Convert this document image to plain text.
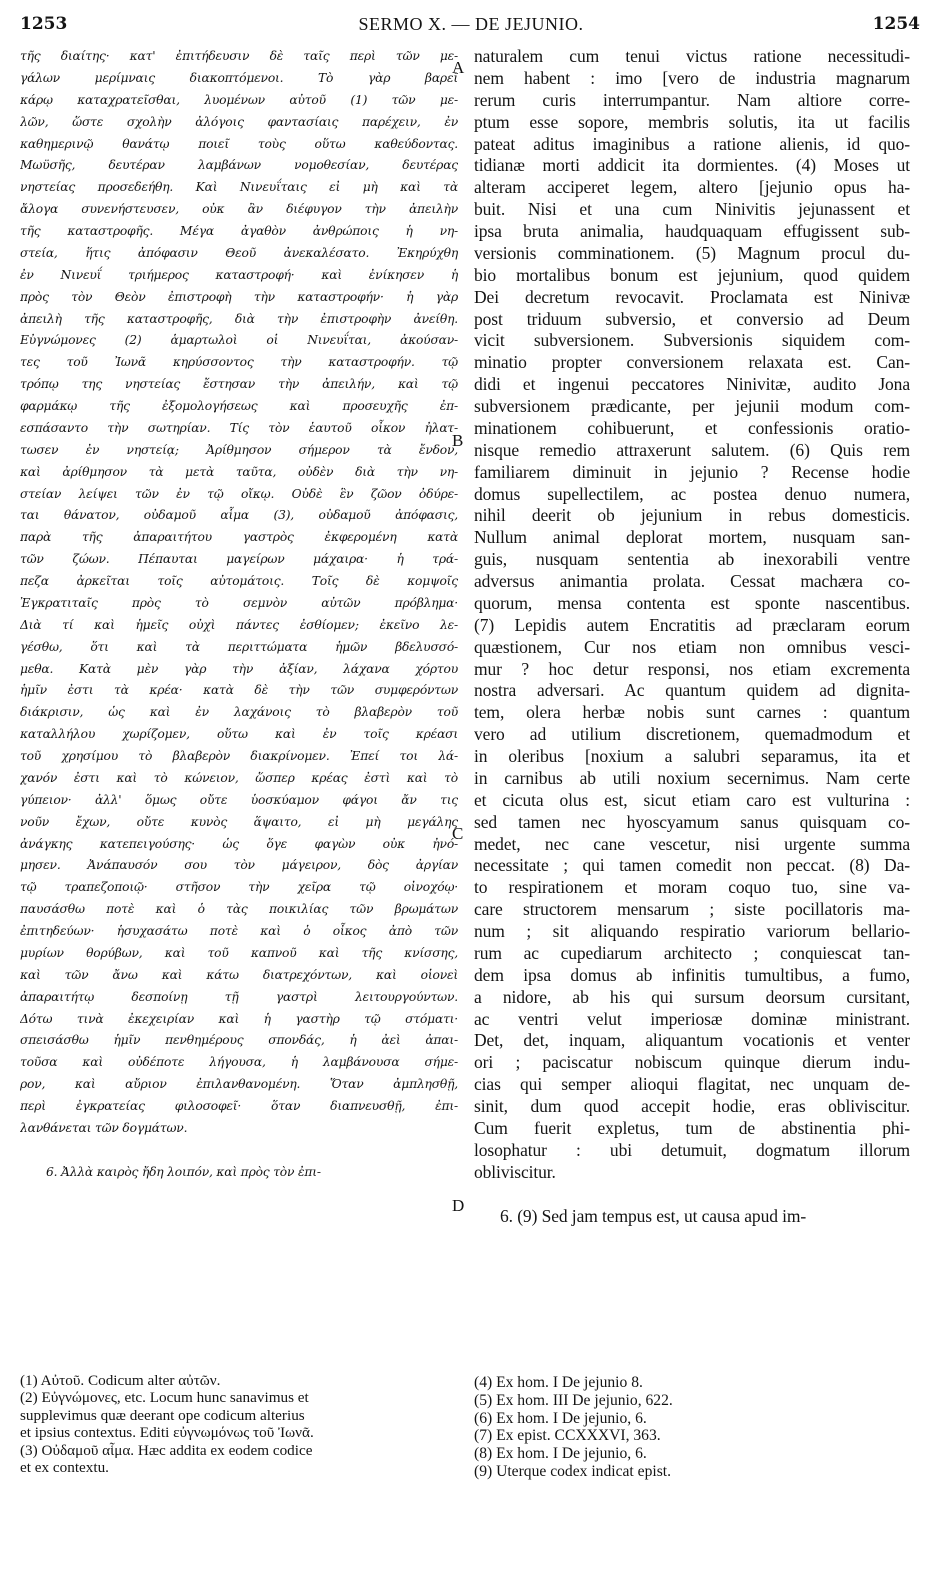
1253	SERMO X. — DE JEJUNIO.	1254
A
B
C
D
τῆς διαίτης· κατ' ἐπιτήδευσιν δὲ ταῖς περὶ τῶν με-
γάλων μερίμναις διακοπτόμενοι. Τὸ γὰρ βαρεῖ
κάρῳ καταχρατεῖσθαι, λυομένων αὐτοῦ (1) τῶν με-
λῶν, ὥστε σχολὴν ἀλόγοις φαντασίαις παρέχειν, ἐν
καθημερινῷ θανάτῳ ποιεῖ τοὺς οὕτω καθεύδοντας.
Μωϋσῆς, δευτέραν λαμβάνων νομοθεσίαν, δευτέρας
νηστείας προσεδεήθη. Καὶ Νινευΐταις εἰ μὴ καὶ τὰ
ἄλογα συνενήστευσεν, οὐκ ἂν διέφυγον τὴν ἀπειλὴν
τῆς καταστροφῆς. Μέγα ἀγαθὸν ἀνθρώποις ἡ νη-
στεία, ἥτις ἀπόφασιν Θεοῦ ἀνεκαλέσατο. Ἐκηρύχθη
ἐν Νινευΐ τριήμερος καταστροφή· καὶ ἐνίκησεν ἡ
πρὸς τὸν Θεὸν ἐπιστροφὴ τὴν καταστροφήν· ἡ γὰρ
ἀπειλὴ τῆς καταστροφῆς, διὰ τὴν ἐπιστροφὴν ἀνείθη.
Εὐγνώμονες (2) ἁμαρτωλοὶ οἱ Νινευΐται, ἀκούσαν-
τες τοῦ Ἰωνᾶ κηρύσσοντος τὴν καταστροφήν. τῷ
τρόπῳ της νηστείας ἔστησαν τὴν ἀπειλήν, καὶ τῷ
φαρμάκῳ τῆς ἐξομολογήσεως καὶ προσευχῆς ἐπ-
εσπάσαντο τὴν σωτηρίαν. Τίς τὸν ἑαυτοῦ οἶκον ἠλατ-
τωσεν ἐν νηστείᾳ; Ἀρίθμησον σήμερον τὰ ἔνδον,
καὶ ἀρίθμησον τὰ μετὰ ταῦτα, οὐδὲν διὰ τὴν νη-
στείαν λείψει τῶν ἐν τῷ οἴκῳ. Οὐδὲ ἓν ζῶον ὀδύρε-
ται θάνατον, οὐδαμοῦ αἷμα (3), οὐδαμοῦ ἀπόφασις,
παρὰ τῆς ἀπαραιτήτου γαστρὸς ἐκφερομένη κατὰ
τῶν ζώων. Πέπαυται μαγείρων μάχαιρα· ἡ τρά-
πεζα ἀρκεῖται τοῖς αὐτομάτοις. Τοῖς δὲ κομψοῖς
Ἐγκρατιταῖς πρὸς τὸ σεμνὸν αὐτῶν πρόβλημα·
Διὰ τί καὶ ἡμεῖς οὐχὶ πάντες ἐσθίομεν; ἐκεῖνο λε-
γέσθω, ὅτι καὶ τὰ περιττώματα ἡμῶν βδελυσσό-
μεθα. Κατὰ μὲν γὰρ τὴν ἀξίαν, λάχανα χόρτου
ἡμῖν ἐστι τὰ κρέα· κατὰ δὲ τὴν τῶν συμφερόντων
διάκρισιν, ὡς καὶ ἐν λαχάνοις τὸ βλαβερὸν τοῦ
καταλλήλου χωρίζομεν, οὕτω καὶ ἐν τοῖς κρέασι
τοῦ χρησίμου τὸ βλαβερὸν διακρίνομεν. Ἐπεί τοι λά-
χανόν ἐστι καὶ τὸ κώνειον, ὥσπερ κρέας ἐστὶ καὶ τὸ
γύπειον· ἀλλ' ὅμως οὔτε ὑοσκύαμον φάγοι ἄν τις
νοῦν ἔχων, οὔτε κυνὸς ἅψαιτο, εἰ μὴ μεγάλης
ἀνάγκης κατεπειγούσης· ὡς ὅγε φαγὼν οὐκ ἠνό-
μησεν. Ἀνάπαυσόν σου τὸν μάγειρον, δὸς ἀργίαν
τῷ τραπεζοποιῷ· στῆσον τὴν χεῖρα τῷ οἰνοχόῳ·
παυσάσθω ποτὲ καὶ ὁ τὰς ποικιλίας τῶν βρωμάτων
ἐπιτηδεύων· ἡσυχασάτω ποτὲ καὶ ὁ οἶκος ἀπὸ τῶν
μυρίων θορύβων, καὶ τοῦ καπνοῦ καὶ τῆς κνίσσης,
καὶ τῶν ἄνω καὶ κάτω διατρεχόντων, καὶ οἱονεὶ
ἀπαραιτήτῳ δεσποίνῃ τῇ γαστρὶ λειτουργούντων.
Δότω τινὰ ἐκεχειρίαν καὶ ἡ γαστὴρ τῷ στόματι·
σπεισάσθω ἡμῖν πενθημέρους σπονδάς, ἡ ἀεὶ ἀπαι-
τοῦσα καὶ οὐδέποτε λήγουσα, ἡ λαμβάνουσα σήμε-
ρον, καὶ αὔριον ἐπιλανθανομένη. Ὅταν ἀμπλησθῇ,
περὶ ἐγκρατείας φιλοσοφεῖ· ὅταν διαπνευσθῇ, ἐπι-
λανθάνεται τῶν δογμάτων.
6. Ἀλλὰ καιρὸς ἤδη λοιπόν, καὶ πρὸς τὸν ἐπι-
naturalem cum tenui victus ratione necessitudi-
nem habent : imo [vero de industria magnarum
rerum curis interrumpantur. Nam altiore corre-
ptum esse sopore, membris solutis, ita ut facilis
pateat aditus imaginibus a ratione alienis, id quo-
tidianæ morti addicit ita dormientes. (4) Moses ut
alteram acciperet legem, altero [jejunio opus ha-
buit. Nisi et una cum Ninivitis jejunassent et
ipsa bruta animalia, haudquaquam effugissent sub-
versionis comminationem. (5) Magnum procul du-
bio mortalibus bonum est jejunium, quod quidem
Dei decretum revocavit. Proclamata est Ninivæ
post triduum subversio, et conversio ad Deum
vicit subversionem. Subversionis siquidem com-
minatio propter conversionem relaxata est. Can-
didi et ingenui peccatores Ninivitæ, audito Jona
subversionem prædicante, per jejunii modum com-
minationem cohibuerunt, et confessionis oratio-
nisque remedio attraxerunt salutem. (6) Quis rem
familiarem diminuit in jejunio ? Recense hodie
domus supellectilem, ac postea denuo numera,
nihil deerit ob jejunium in rebus domesticis.
Nullum animal deplorat mortem, nusquam san-
guis, nusquam sententia ab inexorabili ventre
adversus animantia prolata. Cessat machæra co-
quorum, mensa contenta est sponte nascentibus.
(7) Lepidis autem Encratitis ad præclaram eorum
quæstionem, Cur nos etiam non omnibus vesci-
mur ? hoc detur responsi, nos etiam excrementa
nostra adversari. Ac quantum quidem ad dignita-
tem, olera herbæ nobis sunt carnes : quantum
vero ad utilium discretionem, quemadmodum et
in oleribus [noxium a salubri separamus, ita et
in carnibus ab utili noxium secernimus. Nam certe
et cicuta olus est, sicut etiam caro est vulturina :
sed tamen nec hyoscyamum sanus quisquam co-
medet, nec cane vescetur, nisi urgente summa
necessitate ; qui tamen comedit non peccat. (8) Da-
to respirationem et moram coquo tuo, sine va-
care structorem mensarum ; siste pocillatoris ma-
num ; sit aliquando respiratio variorum bellario-
rum ac cupediarum architecto ; conquiescat tan-
dem ipsa domus ab infinitis tumultibus, a fumo,
a nidore, ab his qui sursum deorsum cursitant,
ac ventri velut imperiosæ dominæ ministrant.
Det, det, inquam, aliquantum vocationis et venter
ori ; paciscatur nobiscum quinque dierum indu-
cias qui semper alioqui flagitat, nec unquam de-
sinit, dum quod accepit hodie, eras obliviscitur.
Cum fuerit expletus, tum de abstinentia phi-
losophatur : ubi detumuit, dogmatum illorum
obliviscitur.
6. (9) Sed jam tempus est, ut causa apud im-
(1) Αὐτοῦ. Codicum alter αὐτῶν.
(2) Εὐγνώμονες, etc. Locum hunc sanavimus et
supplevimus quæ deerant ope codicum alterius
et ipsius contextus. Editi εὐγνωμόνως τοῦ Ἰωνᾶ.
(3) Οὐδαμοῦ αἷμα. Hæc addita ex eodem codice
et ex contextu.
(4) Ex hom. I De jejunio 8.
(5) Ex hom. III De jejunio, 622.
(6) Ex hom. I De jejunio, 6.
(7) Ex epist. CCXXXVI, 363.
(8) Ex hom. I De jejunio, 6.
(9) Uterque codex indicat epist.
